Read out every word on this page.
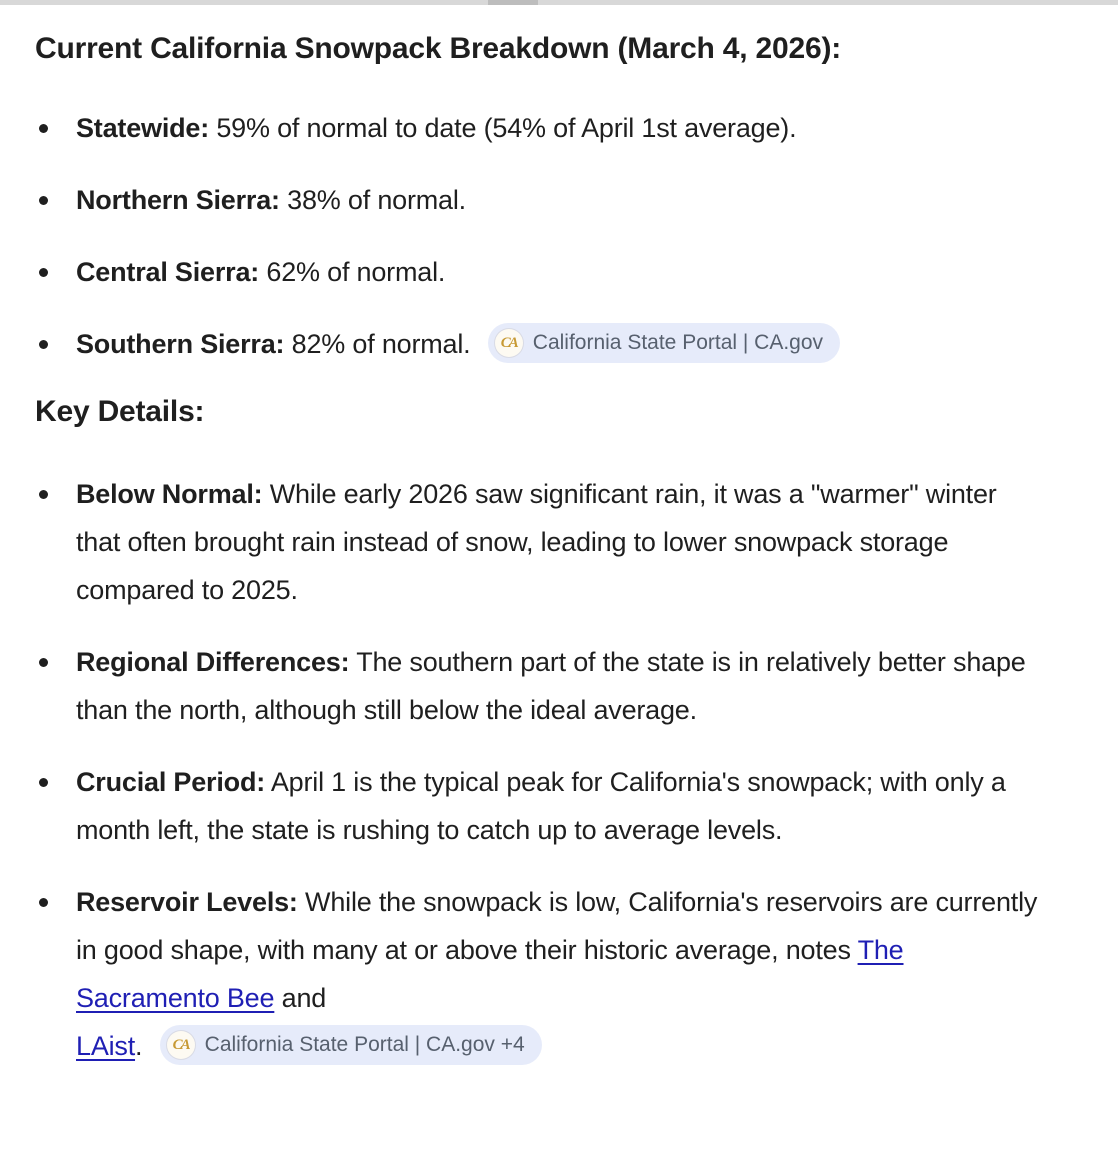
Current California Snowpack Breakdown (March 4, 2026):
Statewide: 59% of normal to date (54% of April 1st average).
Northern Sierra: 38% of normal.
Central Sierra: 62% of normal.
Southern Sierra: 82% of normal.	CA California State Portal | CA.gov
Key Details:
Below Normal: While early 2026 saw significant rain, it was a "warmer" winter that often brought rain instead of snow, leading to lower snowpack storage compared to 2025.
Regional Differences: The southern part of the state is in relatively better shape than the north, although still below the ideal average.
Crucial Period: April 1 is the typical peak for California's snowpack; with only a month left, the state is rushing to catch up to average levels.
Reservoir Levels: While the snowpack is low, California's reservoirs are currently in good shape, with many at or above their historic average, notes The Sacramento Bee and
LAist.	CA California State Portal | CA.gov +4
